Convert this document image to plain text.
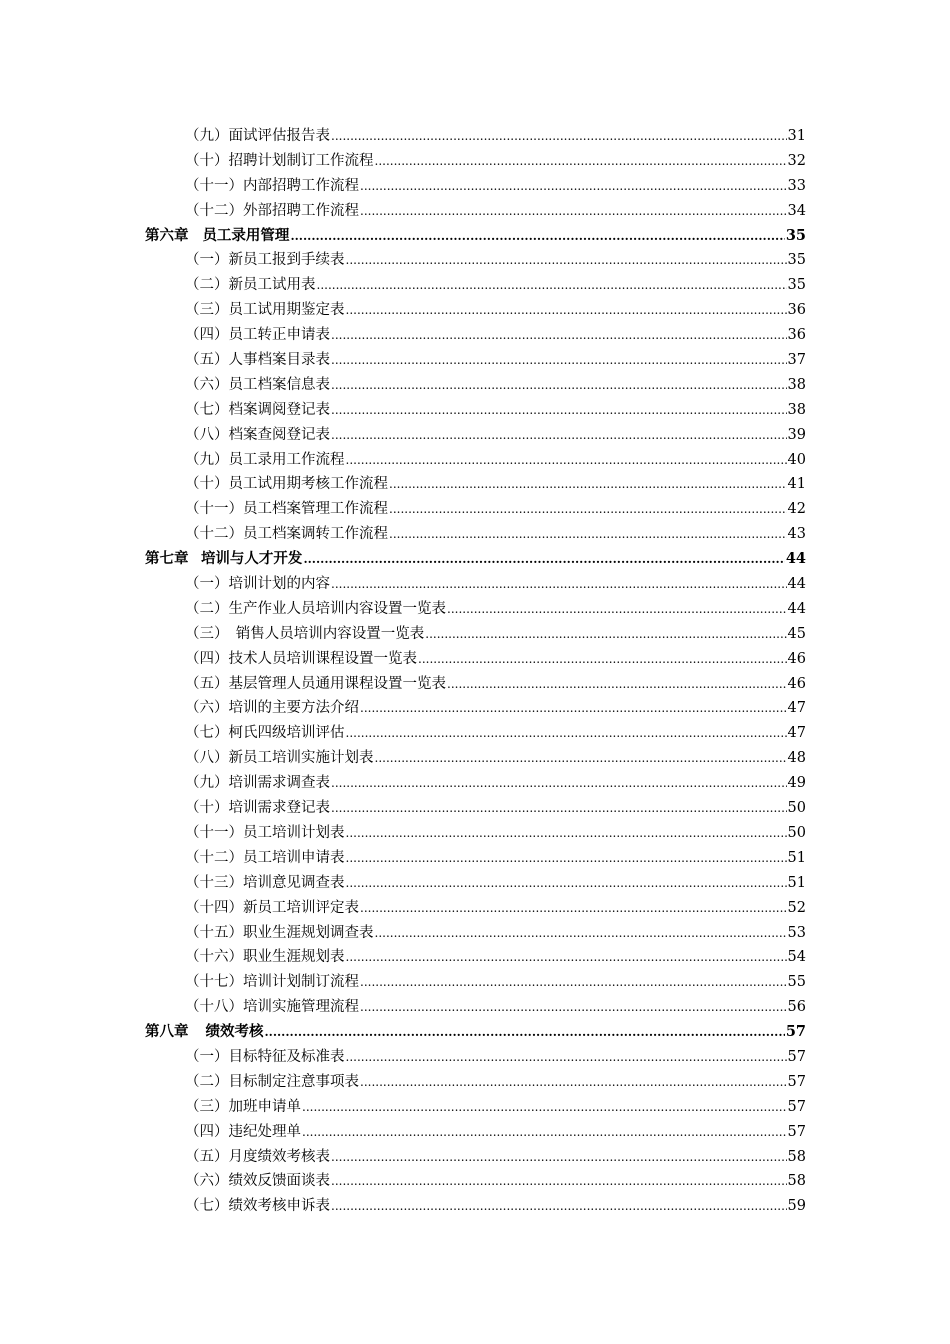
（九）面试评估报告表 .....	31
（十）招聘计划制订工作流程 .....	32
（十一）内部招聘工作流程 .....	33
（十二）外部招聘工作流程 .....	34
第六章 员工录用管理 .....	35
（一）新员工报到手续表 .....	35
（二）新员工试用表 .....	35
（三）员工试用期鉴定表 .....	36
（四）员工转正申请表 .....	36
（五）人事档案目录表 .....	37
（六）员工档案信息表 .....	38
（七）档案调阅登记表 .....	38
（八）档案查阅登记表 .....	39
（九）员工录用工作流程 .....	40
（十）员工试用期考核工作流程 .....	41
（十一）员工档案管理工作流程 .....	42
（十二）员工档案调转工作流程 .....	43
第七章 培训与人才开发 .....	44
（一）培训计划的内容 .....	44
（二）生产作业人员培训内容设置一览表 .....	44
（三）　销售人员培训内容设置一览表 .....	45
（四）技术人员培训课程设置一览表 .....	46
（五）基层管理人员通用课程设置一览表 .....	46
（六）培训的主要方法介绍 .....	47
（七）柯氏四级培训评估 .....	47
（八）新员工培训实施计划表 .....	48
（九）培训需求调查表 .....	49
（十）培训需求登记表 .....	50
（十一）员工培训计划表 .....	50
（十二）员工培训申请表 .....	51
（十三）培训意见调查表 .....	51
（十四）新员工培训评定表 .....	52
（十五）职业生涯规划调查表 .....	53
（十六）职业生涯规划表 .....	54
（十七）培训计划制订流程 .....	55
（十八）培训实施管理流程 .....	56
第八章	绩效考核 .....	57
（一）目标特征及标准表 .....	57
（二）目标制定注意事项表 .....	57
（三）加班申请单 .....	57
（四）违纪处理单 .....	57
（五）月度绩效考核表 .....	58
（六）绩效反馈面谈表 .....	58
（七）绩效考核申诉表 .....	59
